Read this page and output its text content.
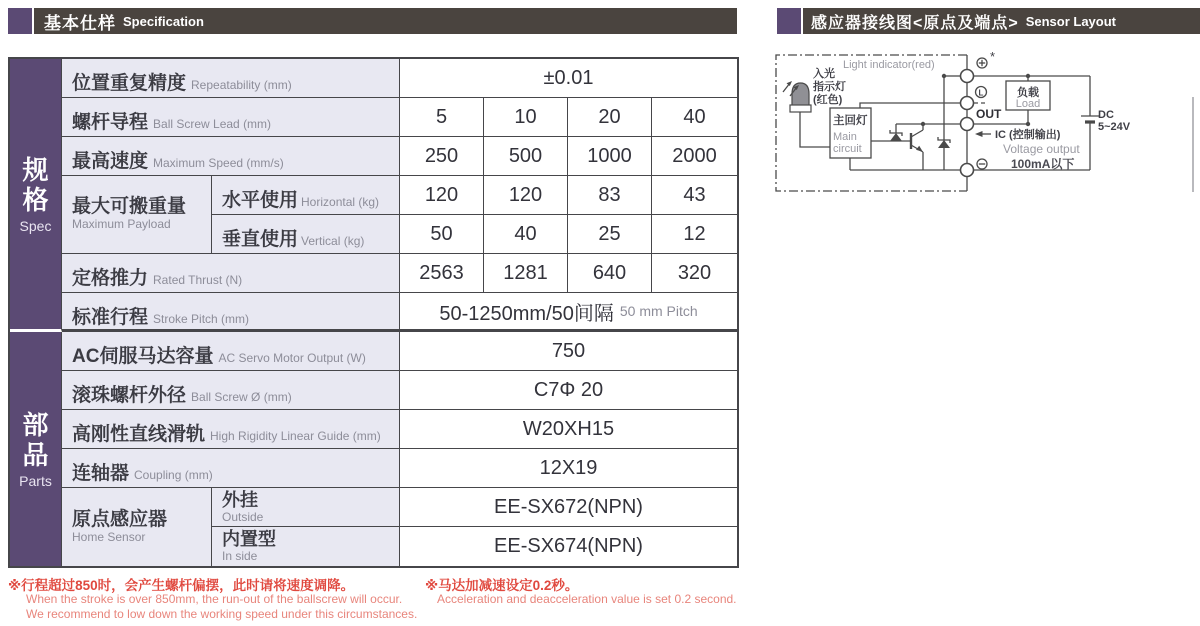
基本仕样 Specification	感应器接线图<原点及端点> Sensor Layout
规
格
Spec
部
品
Parts
位置重复精度 Repeatability (mm)	±0.01
螺杆导程 Ball Screw Lead (mm)	5	10	20	40
最高速度 Maximum Speed (mm/s)	250	500	1000	2000
最大可搬重量
Maximum Payload
水平使用 Horizontal (kg)	120	120	83	43
垂直使用 Vertical (kg)	50	40	25	12
定格推力 Rated Thrust (N)	2563	1281	640	320
标准行程 Stroke Pitch (mm)	50-1250mm/50间隔 50 mm Pitch
AC伺服马达容量 AC Servo Motor Output (W)	750
滚珠螺杆外径 Ball Screw Ø (mm)	C7Φ 20
高刚性直线滑轨 High Rigidity Linear Guide (mm)	W20XH15
连轴器 Coupling (mm)	12X19
原点感应器
Home Sensor
外挂
Outside	EE-SX672(NPN)
内置型
In side	EE-SX674(NPN)
※行程超过850时，会产生螺杆偏摆，此时请将速度调降。
When the stroke is over 850mm, the run-out of the ballscrew will occur.
We recommend to low down the working speed under this circumstances.
※马达加减速设定0.2秒。
Acceleration and deacceleration value is set 0.2 second.
Light indicator(red)
入光
指示灯
(红色)
主回灯
Main
circuit
负载
Load
*
L
OUT
IC (控制输出)
Voltage output
100mA以下
DC
5~24V
